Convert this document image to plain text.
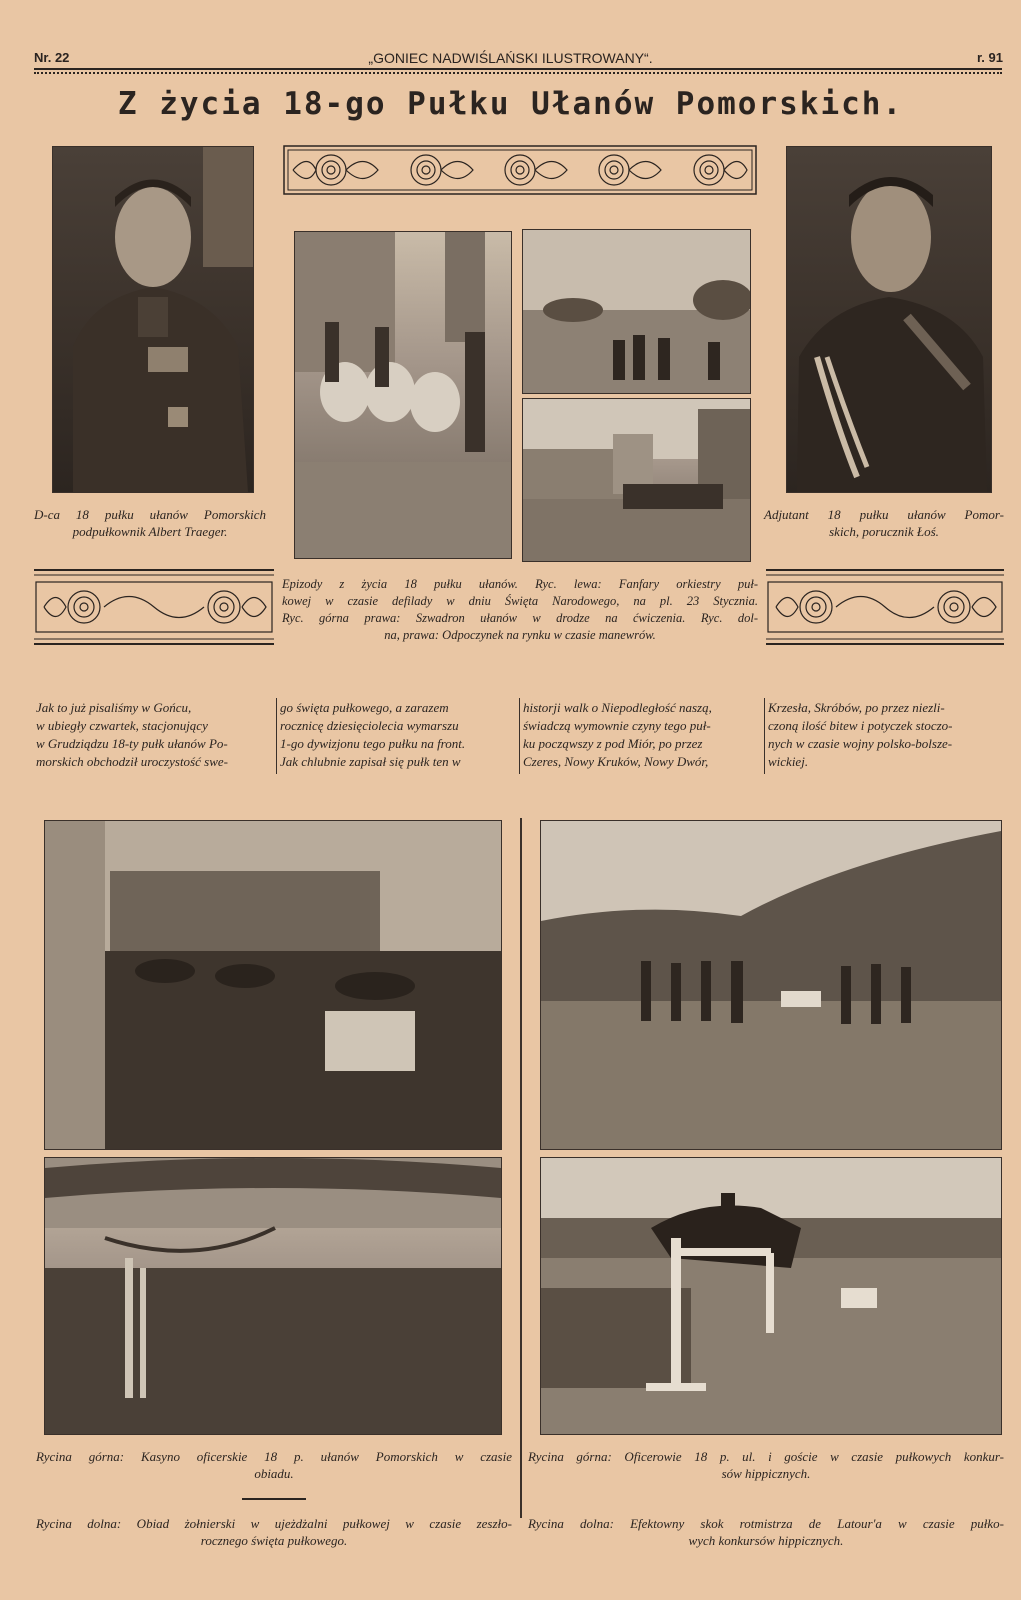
Nr. 22	„GONIEC NADWIŚLAŃSKI ILUSTROWANY“.	r. 91
Z życia 18-go Pułku Ułanów Pomorskich.
D-ca 18 pułku ułanów Pomorskich
podpułkownik Albert Traeger.
Adjutant 18 pułku ułanów Pomor-
skich, porucznik Łoś.
Epizody z życia 18 pułku ułanów. Ryc. lewa: Fanfary orkiestry puł-
kowej w czasie defilady w dniu Święta Narodowego, na pl. 23 Stycznia.
Ryc. górna prawa: Szwadron ułanów w drodze na ćwiczenia. Ryc. dol-
na, prawa: Odpoczynek na rynku w czasie manewrów.
Jak to już pisaliśmy w Gońcu,
w ubiegły czwartek, stacjonujący
w Grudziądzu 18-ty pułk ułanów Po-
morskich obchodził uroczystość swe-
go święta pułkowego, a zarazem
rocznicę dziesięciolecia wymarszu
1-go dywizjonu tego pułku na front.
Jak chlubnie zapisał się pułk ten w
historji walk o Niepodległość naszą,
świadczą wymownie czyny tego puł-
ku począwszy z pod Miór, po przez
Czeres, Nowy Kruków, Nowy Dwór,
Krzesła, Skróbów, po przez niezli-
czoną ilość bitew i potyczek stoczo-
nych w czasie wojny polsko-bolsze-
wickiej.
Rycina górna: Kasyno oficerskie 18 p. ułanów Pomorskich w czasie
obiadu.
Rycina dolna: Obiad żołnierski w ujeżdżalni pułkowej w czasie zeszło-
rocznego święta pułkowego.
Rycina górna: Oficerowie 18 p. ul. i goście w czasie pułkowych konkur-
sów hippicznych.
Rycina dolna: Efektowny skok rotmistrza de Latour'a w czasie pułko-
wych konkursów hippicznych.
